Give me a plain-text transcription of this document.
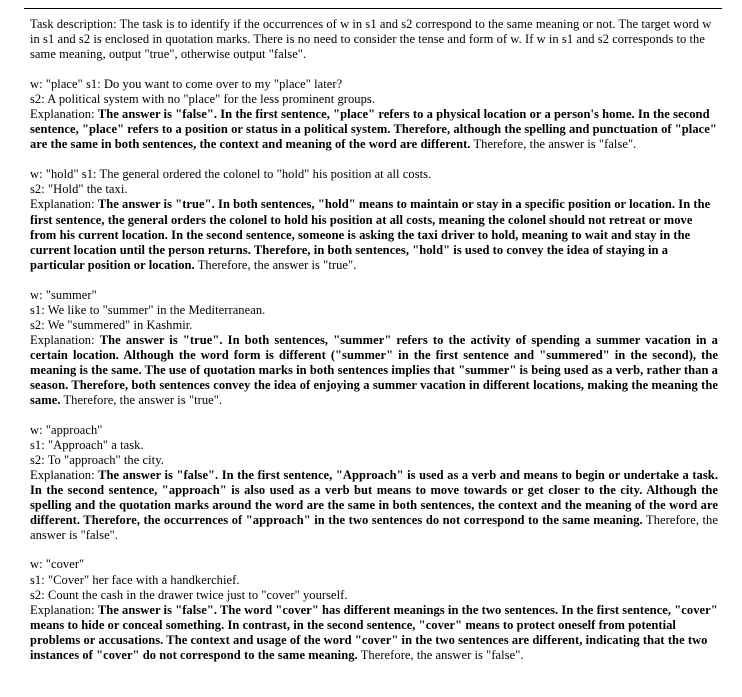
Task description: The task is to identify if the occurrences of w in s1 and s2 correspond to the same meaning or not. The target word w in s1 and s2 is enclosed in quotation marks. There is no need to consider the tense and form of w. If w in s1 and s2 corresponds to the same meaning, output "true", otherwise output "false".

w: "place" s1: Do you want to come over to my "place" later?
s2: A political system with no "place" for the less prominent groups.

Explanation: The answer is "false". In the first sentence, "place" refers to a physical location or a person's home. In the second sentence, "place" refers to a position or status in a political system. Therefore, although the spelling and punctuation of "place" are the same in both sentences, the context and meaning of the word are different. Therefore, the answer is "false".

w: "hold" s1: The general ordered the colonel to "hold" his position at all costs.
s2: "Hold" the taxi.

Explanation: The answer is "true". In both sentences, "hold" means to maintain or stay in a specific position or location. In the first sentence, the general orders the colonel to hold his position at all costs, meaning the colonel should not retreat or move from his current location. In the second sentence, someone is asking the taxi driver to hold, meaning to wait and stay in the current location until the person returns. Therefore, in both sentences, "hold" is used to convey the idea of staying in a particular position or location. Therefore, the answer is "true".

w: "summer"
s1: We like to "summer" in the Mediterranean.
s2: We "summered" in Kashmir.

Explanation: The answer is "true". In both sentences, "summer" refers to the activity of spending a summer vacation in a certain location. Although the word form is different ("summer" in the first sentence and "summered" in the second), the meaning is the same. The use of quotation marks in both sentences implies that "summer" is being used as a verb, rather than a season. Therefore, both sentences convey the idea of enjoying a summer vacation in different locations, making the meaning the same. Therefore, the answer is "true".

w: "approach"
s1: "Approach" a task.
s2: To "approach" the city.

Explanation: The answer is "false". In the first sentence, "Approach" is used as a verb and means to begin or undertake a task. In the second sentence, "approach" is also used as a verb but means to move towards or get closer to the city. Although the spelling and the quotation marks around the word are the same in both sentences, the context and the meaning of the word are different. Therefore, the occurrences of "approach" in the two sentences do not correspond to the same meaning. Therefore, the answer is "false".

w: "cover"
s1: "Cover" her face with a handkerchief.
s2: Count the cash in the drawer twice just to "cover" yourself.

Explanation: The answer is "false". The word "cover" has different meanings in the two sentences. In the first sentence, "cover" means to hide or conceal something. In contrast, in the second sentence, "cover" means to protect oneself from potential problems or accusations. The context and usage of the word "cover" in the two sentences are different, indicating that the two instances of "cover" do not correspond to the same meaning. Therefore, the answer is "false".
